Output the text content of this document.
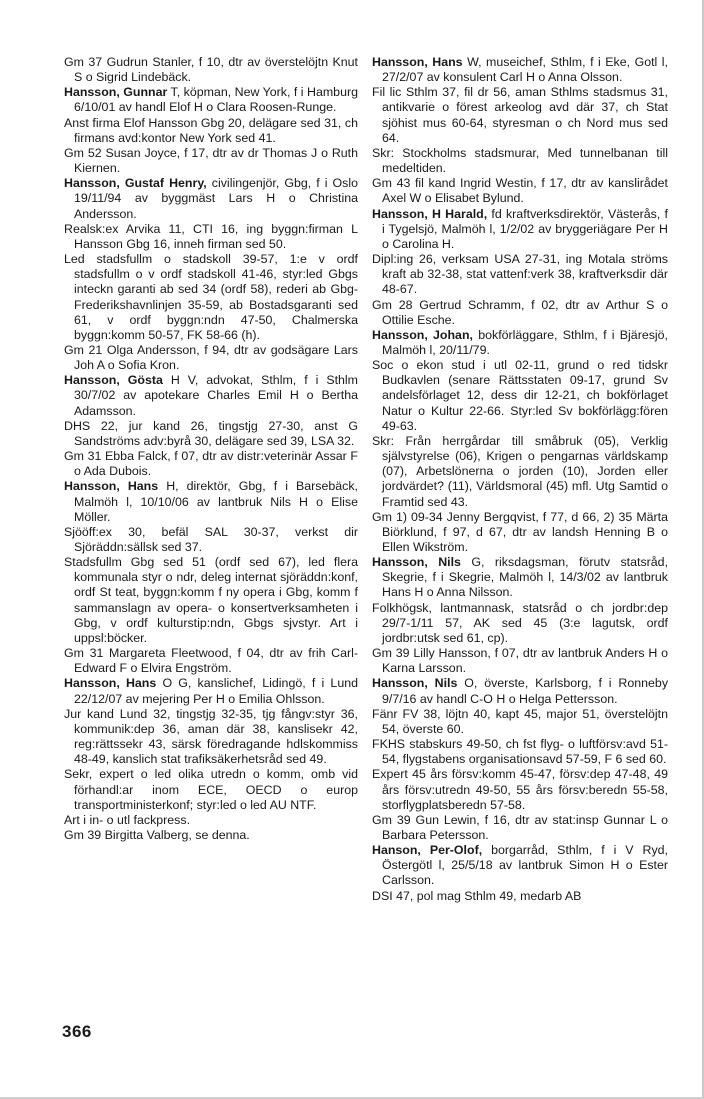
Gm 37 Gudrun Stanler, f 10, dtr av överstelöjtn Knut S o Sigrid Lindebäck.

Hansson, Gunnar T, köpman, New York, f i Hamburg 6/10/01 av handl Elof H o Clara Roosen-Runge.

Anst firma Elof Hansson Gbg 20, delägare sed 31, ch firmans avd:kontor New York sed 41.

Gm 52 Susan Joyce, f 17, dtr av dr Thomas J o Ruth Kiernen.

Hansson, Gustaf Henry, civilingenjör, Gbg, f i Oslo 19/11/94 av byggmäst Lars H o Christina Andersson.

Realsk:ex Arvika 11, CTI 16, ing byggn:firman L Hansson Gbg 16, inneh firman sed 50.

Led stadsfullm o stadskoll 39-57, 1:e v ordf stadsfullm o v ordf stadskoll 41-46, styr:led Gbgs inteckn garanti ab sed 34 (ordf 58), rederi ab Gbg-Frederikshavnlinjen 35-59, ab Bostadsgaranti sed 61, v ordf byggn:ndn 47-50, Chalmerska byggn:komm 50-57, FK 58-66 (h).

Gm 21 Olga Andersson, f 94, dtr av godsägare Lars Joh A o Sofia Kron.

Hansson, Gösta H V, advokat, Sthlm, f i Sthlm 30/7/02 av apotekare Charles Emil H o Bertha Adamsson.

DHS 22, jur kand 26, tingstjg 27-30, anst G Sandströms adv:byrå 30, delägare sed 39, LSA 32.

Gm 31 Ebba Falck, f 07, dtr av distr:veterinär Assar F o Ada Dubois.

Hansson, Hans H, direktör, Gbg, f i Barsebäck, Malmöh l, 10/10/06 av lantbruk Nils H o Elise Möller.

Sjööff:ex 30, befäl SAL 30-37, verkst dir Sjöräddn:sällsk sed 37.

Stadsfullm Gbg sed 51 (ordf sed 67), led flera kommunala styr o ndr, deleg internat sjöräddn:konf, ordf St teat, byggn:komm f ny opera i Gbg, komm f sammanslagn av opera- o konsertverksamheten i Gbg, v ordf kulturstip:ndn, Gbgs sjvstyr. Art i uppsl:böcker.

Gm 31 Margareta Fleetwood, f 04, dtr av frih Carl-Edward F o Elvira Engström.

Hansson, Hans O G, kanslichef, Lidingö, f i Lund 22/12/07 av mejerіng Per H o Emilia Ohlsson.

Jur kand Lund 32, tingstjg 32-35, tjg fångv:styr 36, kommunik:dep 36, aman där 38, kanslisekr 42, reg:rättssekr 43, särsk föredragande hdlskommiss 48-49, kanslich stat trafiksäkerhetsråd sed 49.

Sekr, expert o led olika utredn o komm, omb vid förhandl:ar inom ECE, OECD o europ transportministerkonf; styr:led o led AU NTF.

Art i in- o utl fackpress.

Gm 39 Birgitta Valberg, se denna.

Hansson, Hans W, museichef, Sthlm, f i Eke, Gotl l, 27/2/07 av konsulent Carl H o Anna Olsson.

Fil lic Sthlm 37, fil dr 56, aman Sthlms stadsmus 31, antikvarie o förest arkeolog avd där 37, ch Stat sjöhist mus 60-64, styresman o ch Nord mus sed 64.

Skr: Stockholms stadsmurar, Med tunnelbanan till medeltiden.

Gm 43 fil kand Ingrid Westin, f 17, dtr av kanslirådet Axel W o Elisabet Bylund.

Hansson, H Harald, fd kraftverksdirektör, Västerås, f i Tygelsjö, Malmöh l, 1/2/02 av bryggeriägare Per H o Carolina H.

Dipl:ing 26, verksam USA 27-31, ing Motala ströms kraft ab 32-38, stat vattenf:verk 38, kraftverksdir där 48-67.

Gm 28 Gertrud Schramm, f 02, dtr av Arthur S o Ottilie Esche.

Hansson, Johan, bokförläggare, Sthlm, f i Bjäresjö, Malmöh l, 20/11/79.

Soc o ekon stud i utl 02-11, grund o red tidskr Budkavlen (senare Rättsstaten 09-17, grund Sv andelsförlaget 12, dess dir 12-21, ch bokförlaget Natur o Kultur 22-66. Styr:led Sv bokförlägg:fören 49-63.

Skr: Från herrgårdar till småbruk (05), Verklig självstyrelse (06), Krigen o pengarnas världskamp (07), Arbetslönerna o jorden (10), Jorden eller jordvärdet? (11), Världsmoral (45) mfl. Utg Samtid o Framtid sed 43.

Gm 1) 09-34 Jenny Bergqvist, f 77, d 66, 2) 35 Märta Biörklund, f 97, d 67, dtr av landsh Henning B o Ellen Wikström.

Hansson, Nils G, riksdagsman, förutv statsråd, Skegrie, f i Skegrie, Malmöh l, 14/3/02 av lantbruk Hans H o Anna Nilsson.

Folkhögsk, lantmannask, statsråd o ch jordbr:dep 29/7-1/11 57, AK sed 45 (3:e lagutsk, ordf jordbr:utsk sed 61, cp).

Gm 39 Lilly Hansson, f 07, dtr av lantbruk Anders H o Karna Larsson.

Hansson, Nils O, överste, Karlsborg, f i Ronneby 9/7/16 av handl C-O H o Helga Pettersson.

Fänr FV 38, löjtn 40, kapt 45, major 51, överstelöjtn 54, överste 60.

FKHS stabskurs 49-50, ch fst flyg- o luftförsv:avd 51-54, flygstabens organisationsavd 57-59, F 6 sed 60.

Expert 45 års försv:komm 45-47, försv:dep 47-48, 49 års försv:utredn 49-50, 55 års försv:beredn 55-58, storflygplatsberedn 57-58.

Gm 39 Gun Lewin, f 16, dtr av stat:insp Gunnar L o Barbara Petersson.

Hanson, Per-Olof, borgarråd, Sthlm, f i V Ryd, Östergötl l, 25/5/18 av lantbruk Simon H o Ester Carlsson.

DSI 47, pol mag Sthlm 49, medarb AB

366
